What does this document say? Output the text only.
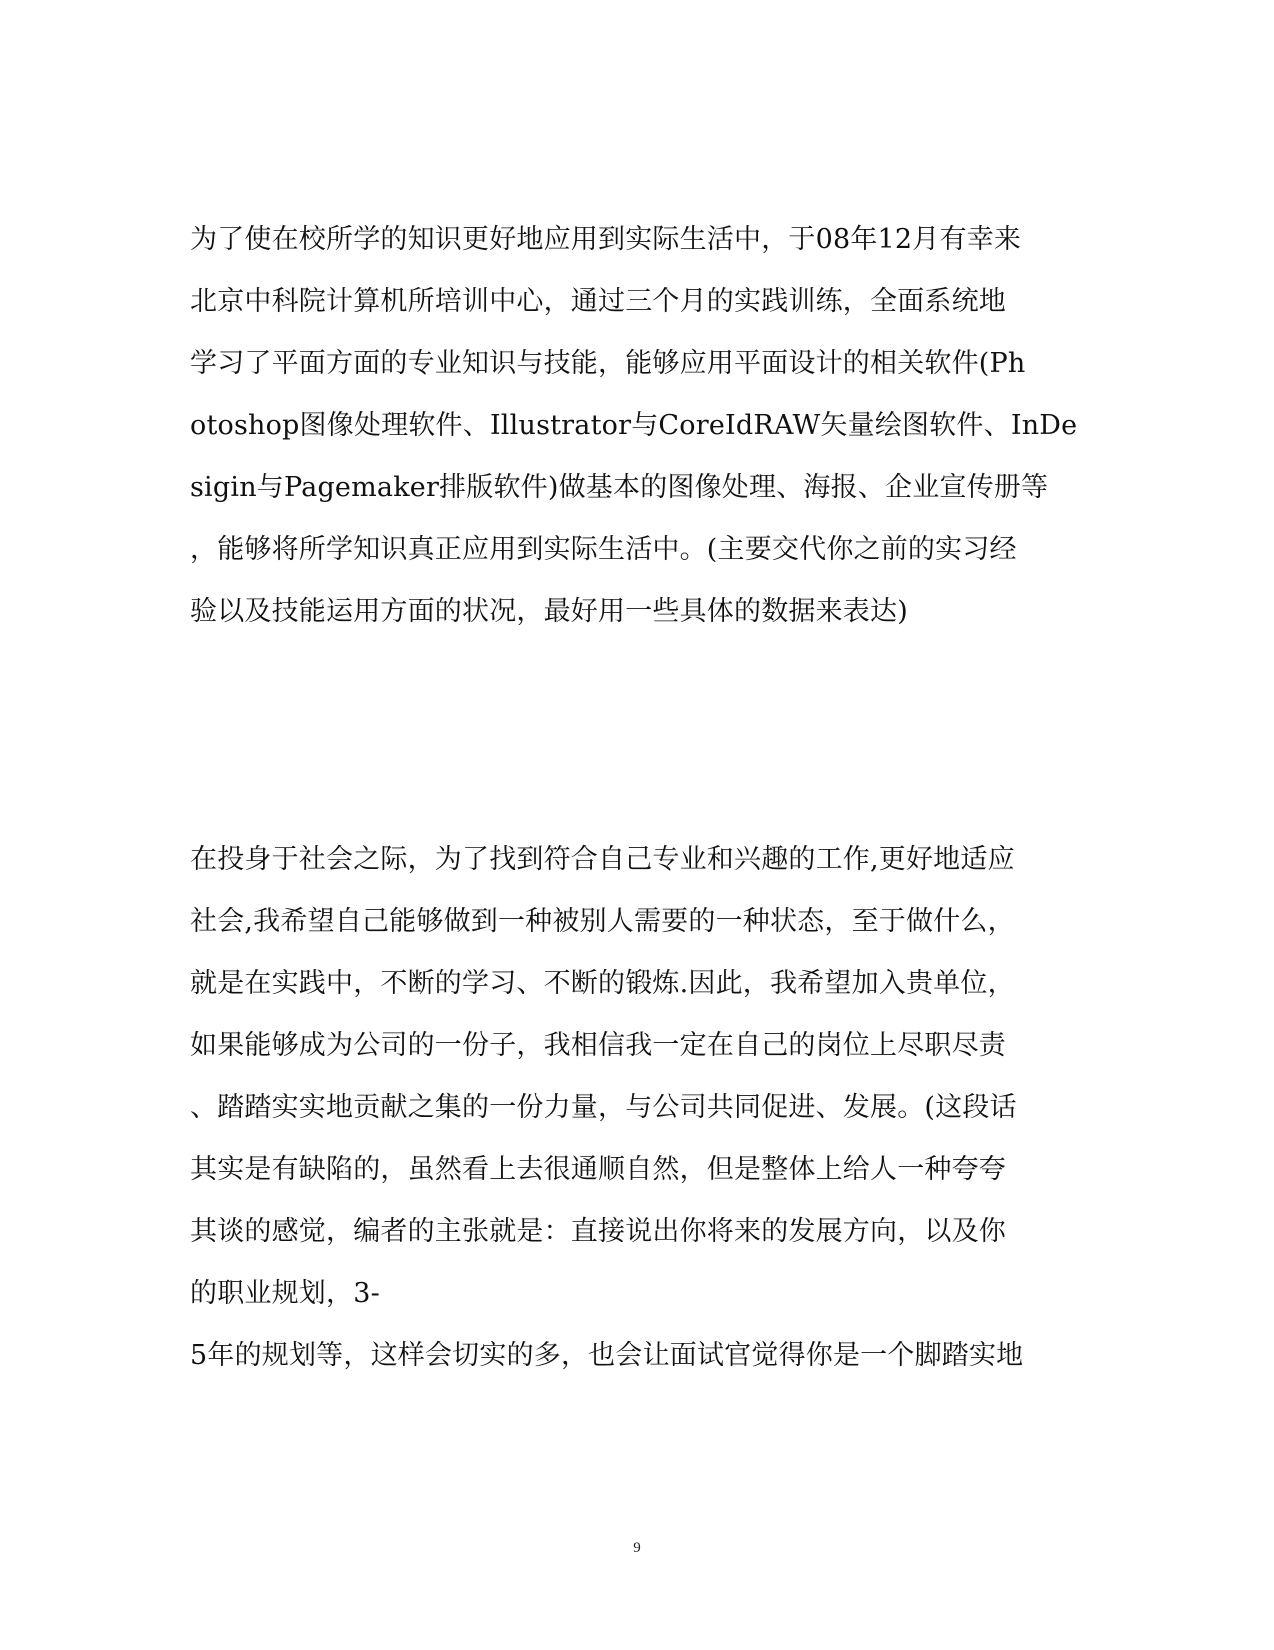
为了使在校所学的知识更好地应用到实际生活中，于08年12月有幸来
北京中科院计算机所培训中心，通过三个月的实践训练，全面系统地
学习了平面方面的专业知识与技能，能够应用平面设计的相关软件(Ph
otoshop图像处理软件、Illustrator与CoreIdRAW矢量绘图软件、InDe
sigin与Pagemaker排版软件)做基本的图像处理、海报、企业宣传册等
，能够将所学知识真正应用到实际生活中。(主要交代你之前的实习经
验以及技能运用方面的状况，最好用一些具体的数据来表达)
在投身于社会之际，为了找到符合自己专业和兴趣的工作,更好地适应
社会,我希望自己能够做到一种被别人需要的一种状态，至于做什么，
就是在实践中，不断的学习、不断的锻炼.因此，我希望加入贵单位，
如果能够成为公司的一份子，我相信我一定在自己的岗位上尽职尽责
、踏踏实实地贡献之集的一份力量，与公司共同促进、发展。(这段话
其实是有缺陷的，虽然看上去很通顺自然，但是整体上给人一种夸夸
其谈的感觉，编者的主张就是：直接说出你将来的发展方向，以及你
的职业规划，3-
5年的规划等，这样会切实的多，也会让面试官觉得你是一个脚踏实地
9
